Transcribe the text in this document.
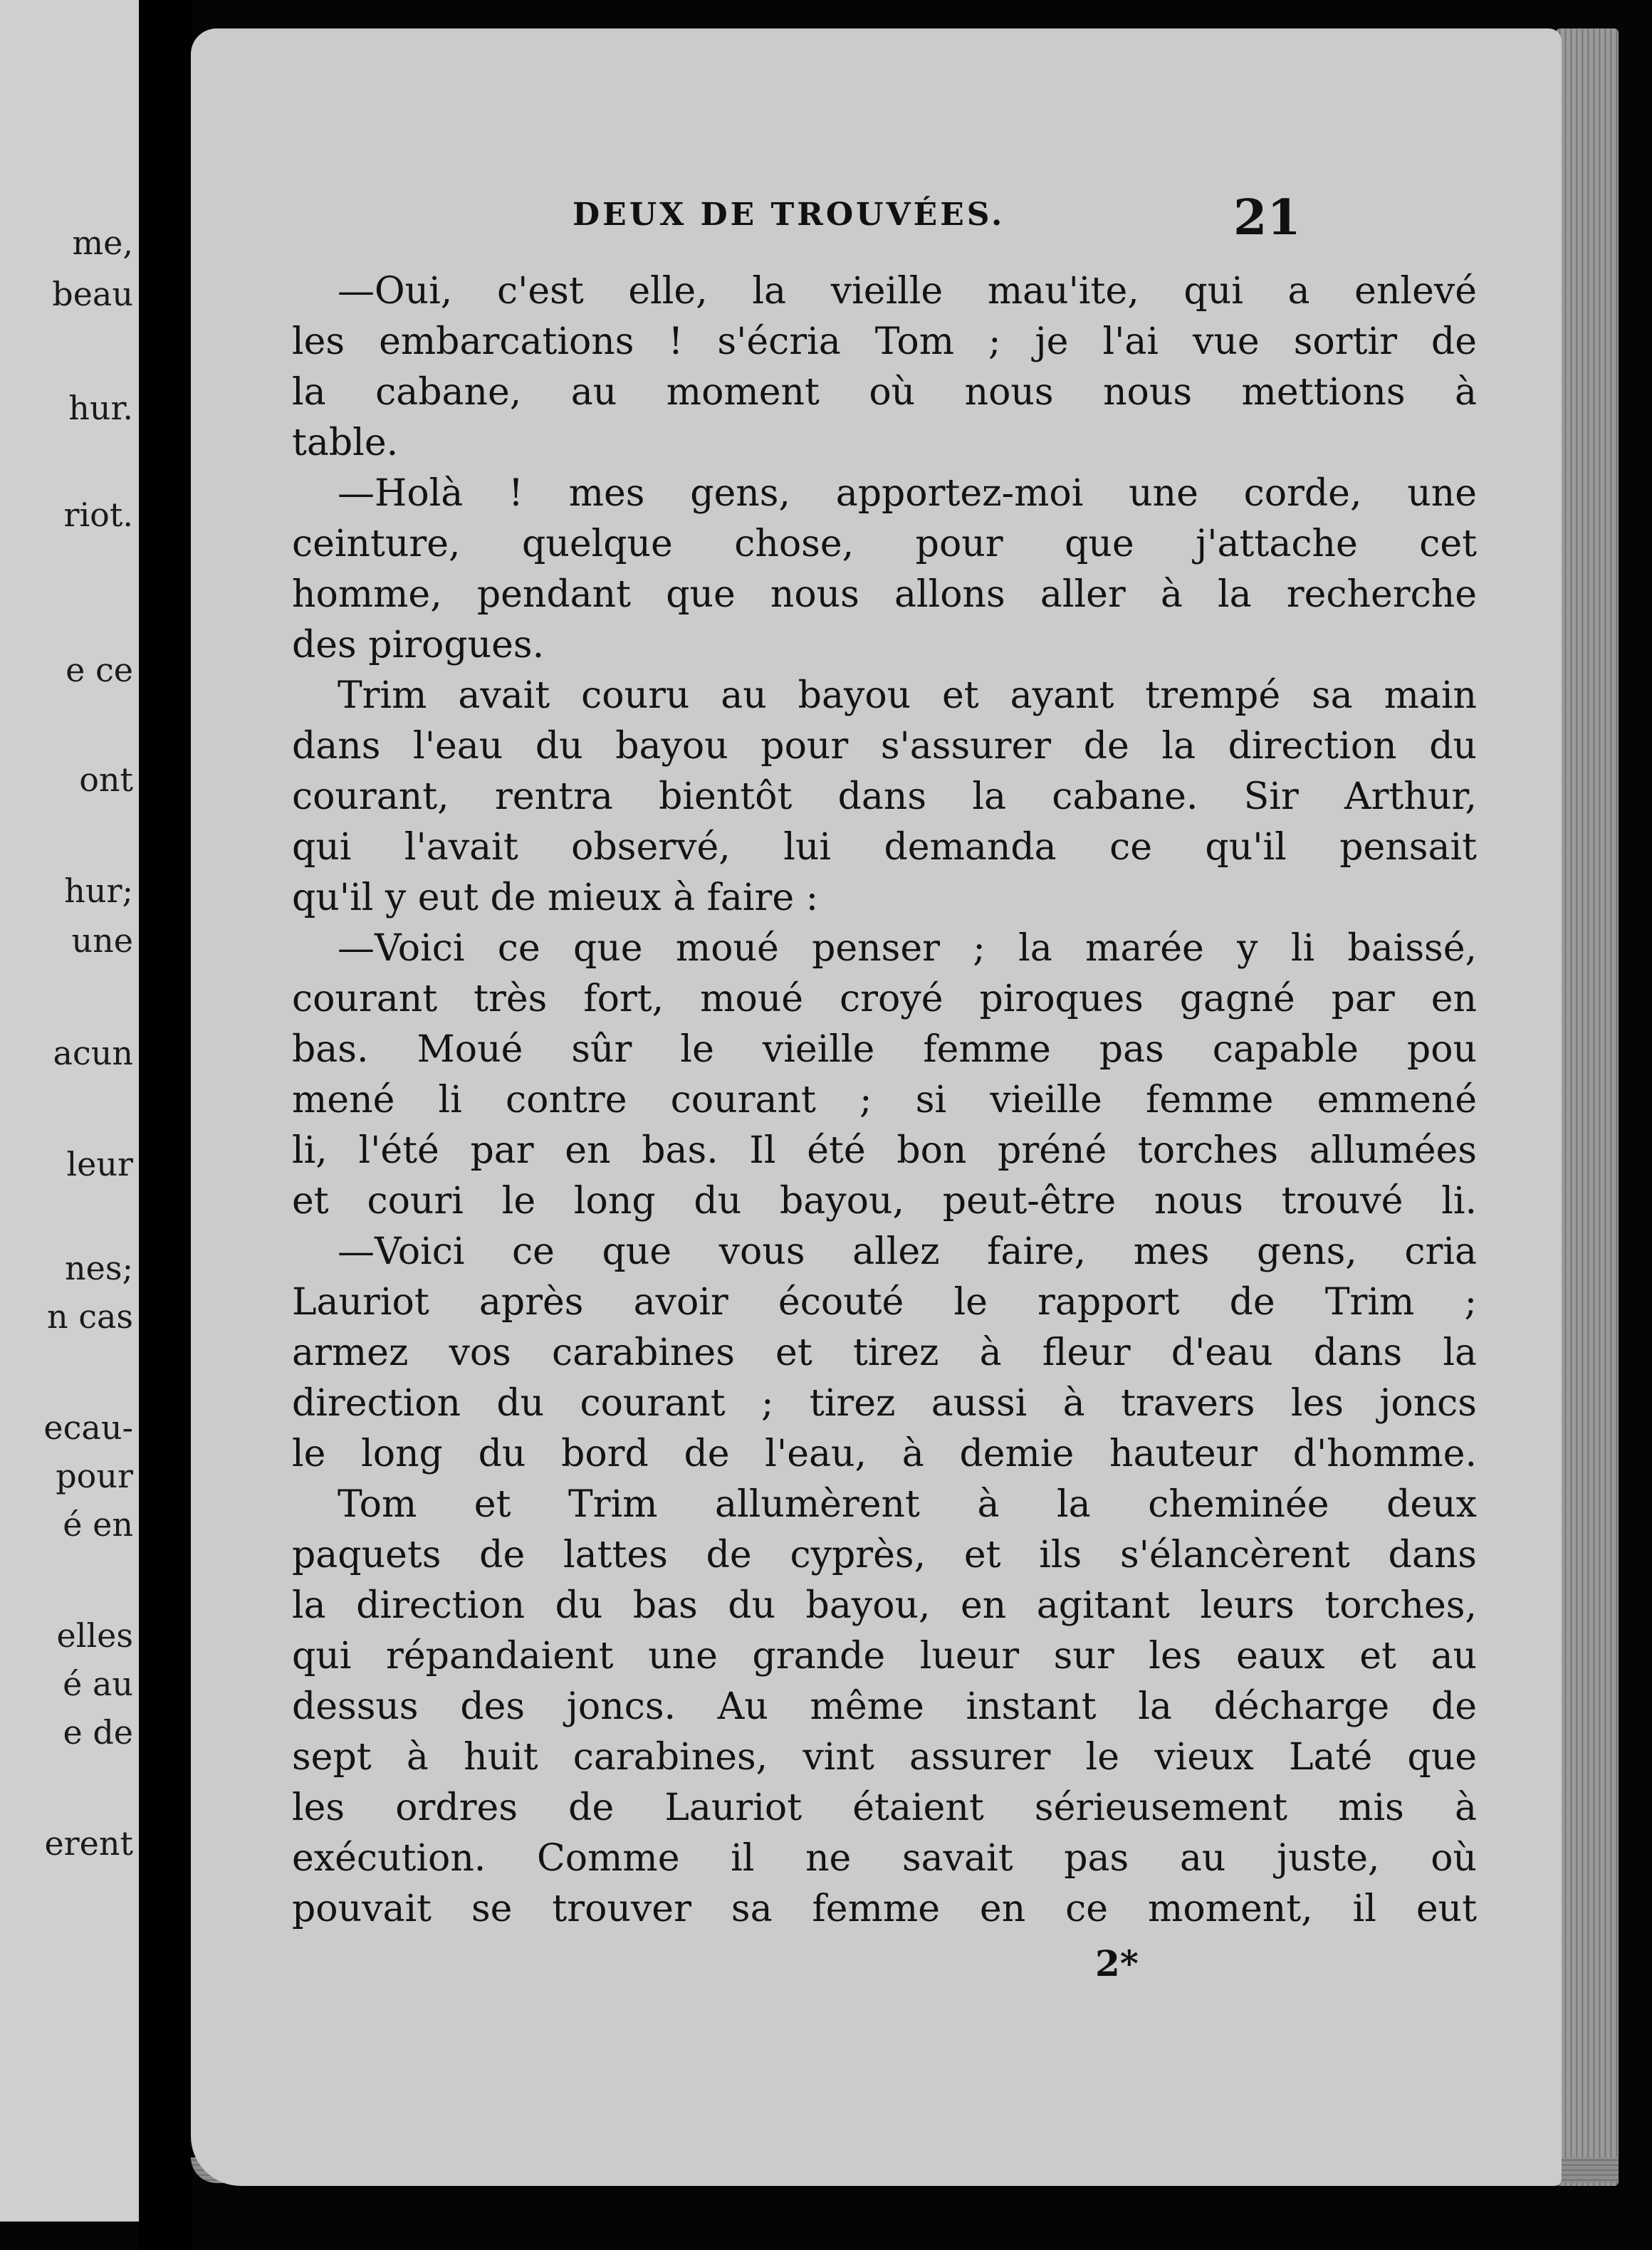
me,
beau
hur.
riot.
e ce
ont
hur;
une
acun
leur
nes;
n cas
ecau-
pour
é en
elles
é au
e de
erent
DEUX DE TROUVÉES.	21
—Oui, c'est elle, la vieille mau'ite, qui a enlevé
les embarcations ! s'écria Tom ; je l'ai vue sortir de
la cabane, au moment où nous nous mettions à
table.
—Holà ! mes gens, apportez-moi une corde, une
ceinture, quelque chose, pour que j'attache cet
homme, pendant que nous allons aller à la recherche
des pirogues.
Trim avait couru au bayou et ayant trempé sa main
dans l'eau du bayou pour s'assurer de la direction du
courant, rentra bientôt dans la cabane. Sir Arthur,
qui l'avait observé, lui demanda ce qu'il pensait
qu'il y eut de mieux à faire :
—Voici ce que moué penser ; la marée y li baissé,
courant très fort, moué croyé piroques gagné par en
bas. Moué sûr le vieille femme pas capable pou
mené li contre courant ; si vieille femme emmené
li, l'été par en bas. Il été bon préné torches allumées
et couri le long du bayou, peut-être nous trouvé li.
—Voici ce que vous allez faire, mes gens, cria
Lauriot après avoir écouté le rapport de Trim ;
armez vos carabines et tirez à fleur d'eau dans la
direction du courant ; tirez aussi à travers les joncs
le long du bord de l'eau, à demie hauteur d'homme.
Tom et Trim allumèrent à la cheminée deux
paquets de lattes de cyprès, et ils s'élancèrent dans
la direction du bas du bayou, en agitant leurs torches,
qui répandaient une grande lueur sur les eaux et au
dessus des joncs. Au même instant la décharge de
sept à huit carabines, vint assurer le vieux Laté que
les ordres de Lauriot étaient sérieusement mis à
exécution. Comme il ne savait pas au juste, où
pouvait se trouver sa femme en ce moment, il eut
2*
